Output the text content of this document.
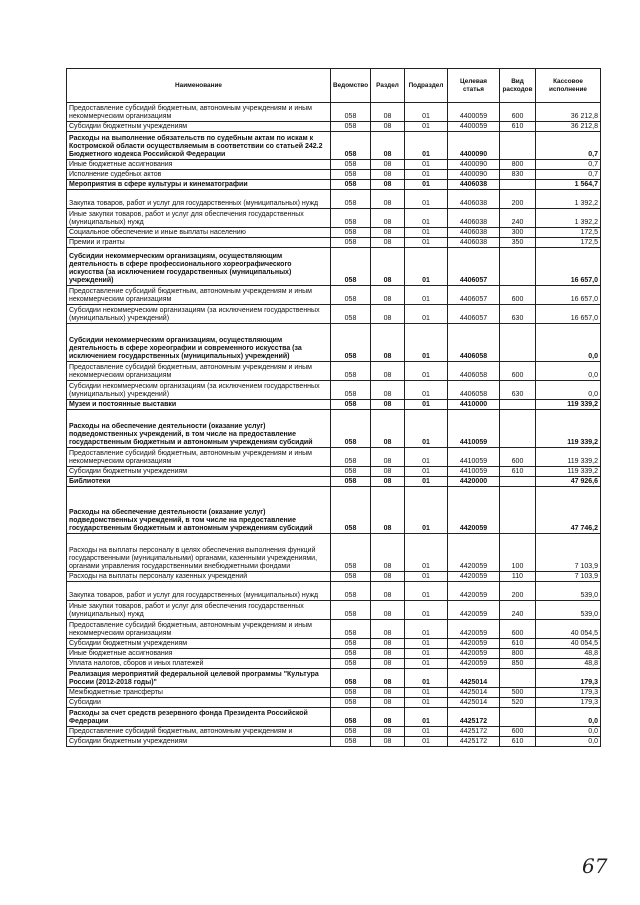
Наименование	Ведомство	Раздел	Подраздел	Целевая статья	Вид расходов	Кассовое исполнение
Предоставление субсидий бюджетным, автономным учреждениям и иным некоммерческим организациям	058	08	01	4400059	600	36 212,8
Субсидии бюджетным учреждениям	058	08	01	4400059	610	36 212,8
Расходы на выполнение обязательств по судебным актам по искам к Костромской области осуществляемым в соответствии со статьей 242.2 Бюджетного кодекса Российской Федерации	058	08	01	4400090		0,7
Иные бюджетные ассигнования	058	08	01	4400090	800	0,7
Исполнение судебных актов	058	08	01	4400090	830	0,7
Мероприятия в сфере культуры и кинематографии	058	08	01	4406038		1 564,7
Закупка товаров, работ и услуг для государственных (муниципальных) нужд	058	08	01	4406038	200	1 392,2
Иные закупки товаров, работ и услуг для обеспечения государственных (муниципальных) нужд	058	08	01	4406038	240	1 392,2
Социальное обеспечение и иные выплаты населению	058	08	01	4406038	300	172,5
Премии и гранты	058	08	01	4406038	350	172,5
Субсидии некоммерческим организациям, осуществляющим деятельность в сфере профессионального хореографического искусства (за исключением государственных (муниципальных) учреждений)	058	08	01	4406057		16 657,0
Предоставление субсидий бюджетным, автономным учреждениям и иным некоммерческим организациям	058	08	01	4406057	600	16 657,0
Субсидии некоммерческим организациям (за исключением государственных (муниципальных) учреждений)	058	08	01	4406057	630	16 657,0
Субсидии некоммерческим организациям, осуществляющим деятельность в сфере хореографии и современного искусства (за исключением государственных (муниципальных) учреждений)	058	08	01	4406058		0,0
Предоставление субсидий бюджетным, автономным учреждениям и иным некоммерческим организациям	058	08	01	4406058	600	0,0
Субсидии некоммерческим организациям (за исключением государственных (муниципальных) учреждений)	058	08	01	4406058	630	0,0
Музеи и постоянные выставки	058	08	01	4410000		119 339,2
Расходы на обеспечение деятельности (оказание услуг) подведомственных учреждений, в том числе на предоставление государственным бюджетным и автономным учреждениям субсидий	058	08	01	4410059		119 339,2
Предоставление субсидий бюджетным, автономным учреждениям и иным некоммерческим организациям	058	08	01	4410059	600	119 339,2
Субсидии бюджетным учреждениям	058	08	01	4410059	610	119 339,2
Библиотеки	058	08	01	4420000		47 926,6
Расходы на обеспечение деятельности (оказание услуг) подведомственных учреждений, в том числе на предоставление государственным бюджетным и автономным учреждениям субсидий	058	08	01	4420059		47 746,2
Расходы на выплаты персоналу в целях обеспечения выполнения функций государственными (муниципальными) органами, казенными учреждениями, органами управления государственными внебюджетными фондами	058	08	01	4420059	100	7 103,9
Расходы на выплаты персоналу казенных учреждений	058	08	01	4420059	110	7 103,9
Закупка товаров, работ и услуг для государственных (муниципальных) нужд	058	08	01	4420059	200	539,0
Иные закупки товаров, работ и услуг для обеспечения государственных (муниципальных) нужд	058	08	01	4420059	240	539,0
Предоставление субсидий бюджетным, автономным учреждениям и иным некоммерческим организациям	058	08	01	4420059	600	40 054,5
Субсидии бюджетным учреждениям	058	08	01	4420059	610	40 054,5
Иные бюджетные ассигнования	058	08	01	4420059	800	48,8
Уплата налогов, сборов и иных платежей	058	08	01	4420059	850	48,8
Реализация мероприятий федеральной целевой программы "Культура России (2012-2018 годы)"	058	08	01	4425014		179,3
Межбюджетные трансферты	058	08	01	4425014	500	179,3
Субсидии	058	08	01	4425014	520	179,3
Расходы за счет средств резервного фонда Президента Российской Федерации	058	08	01	4425172		0,0
Предоставление субсидий бюджетным, автономным учреждениям и	058	08	01	4425172	600	0,0
Субсидии бюджетным учреждениям	058	08	01	4425172	610	0,0
67
